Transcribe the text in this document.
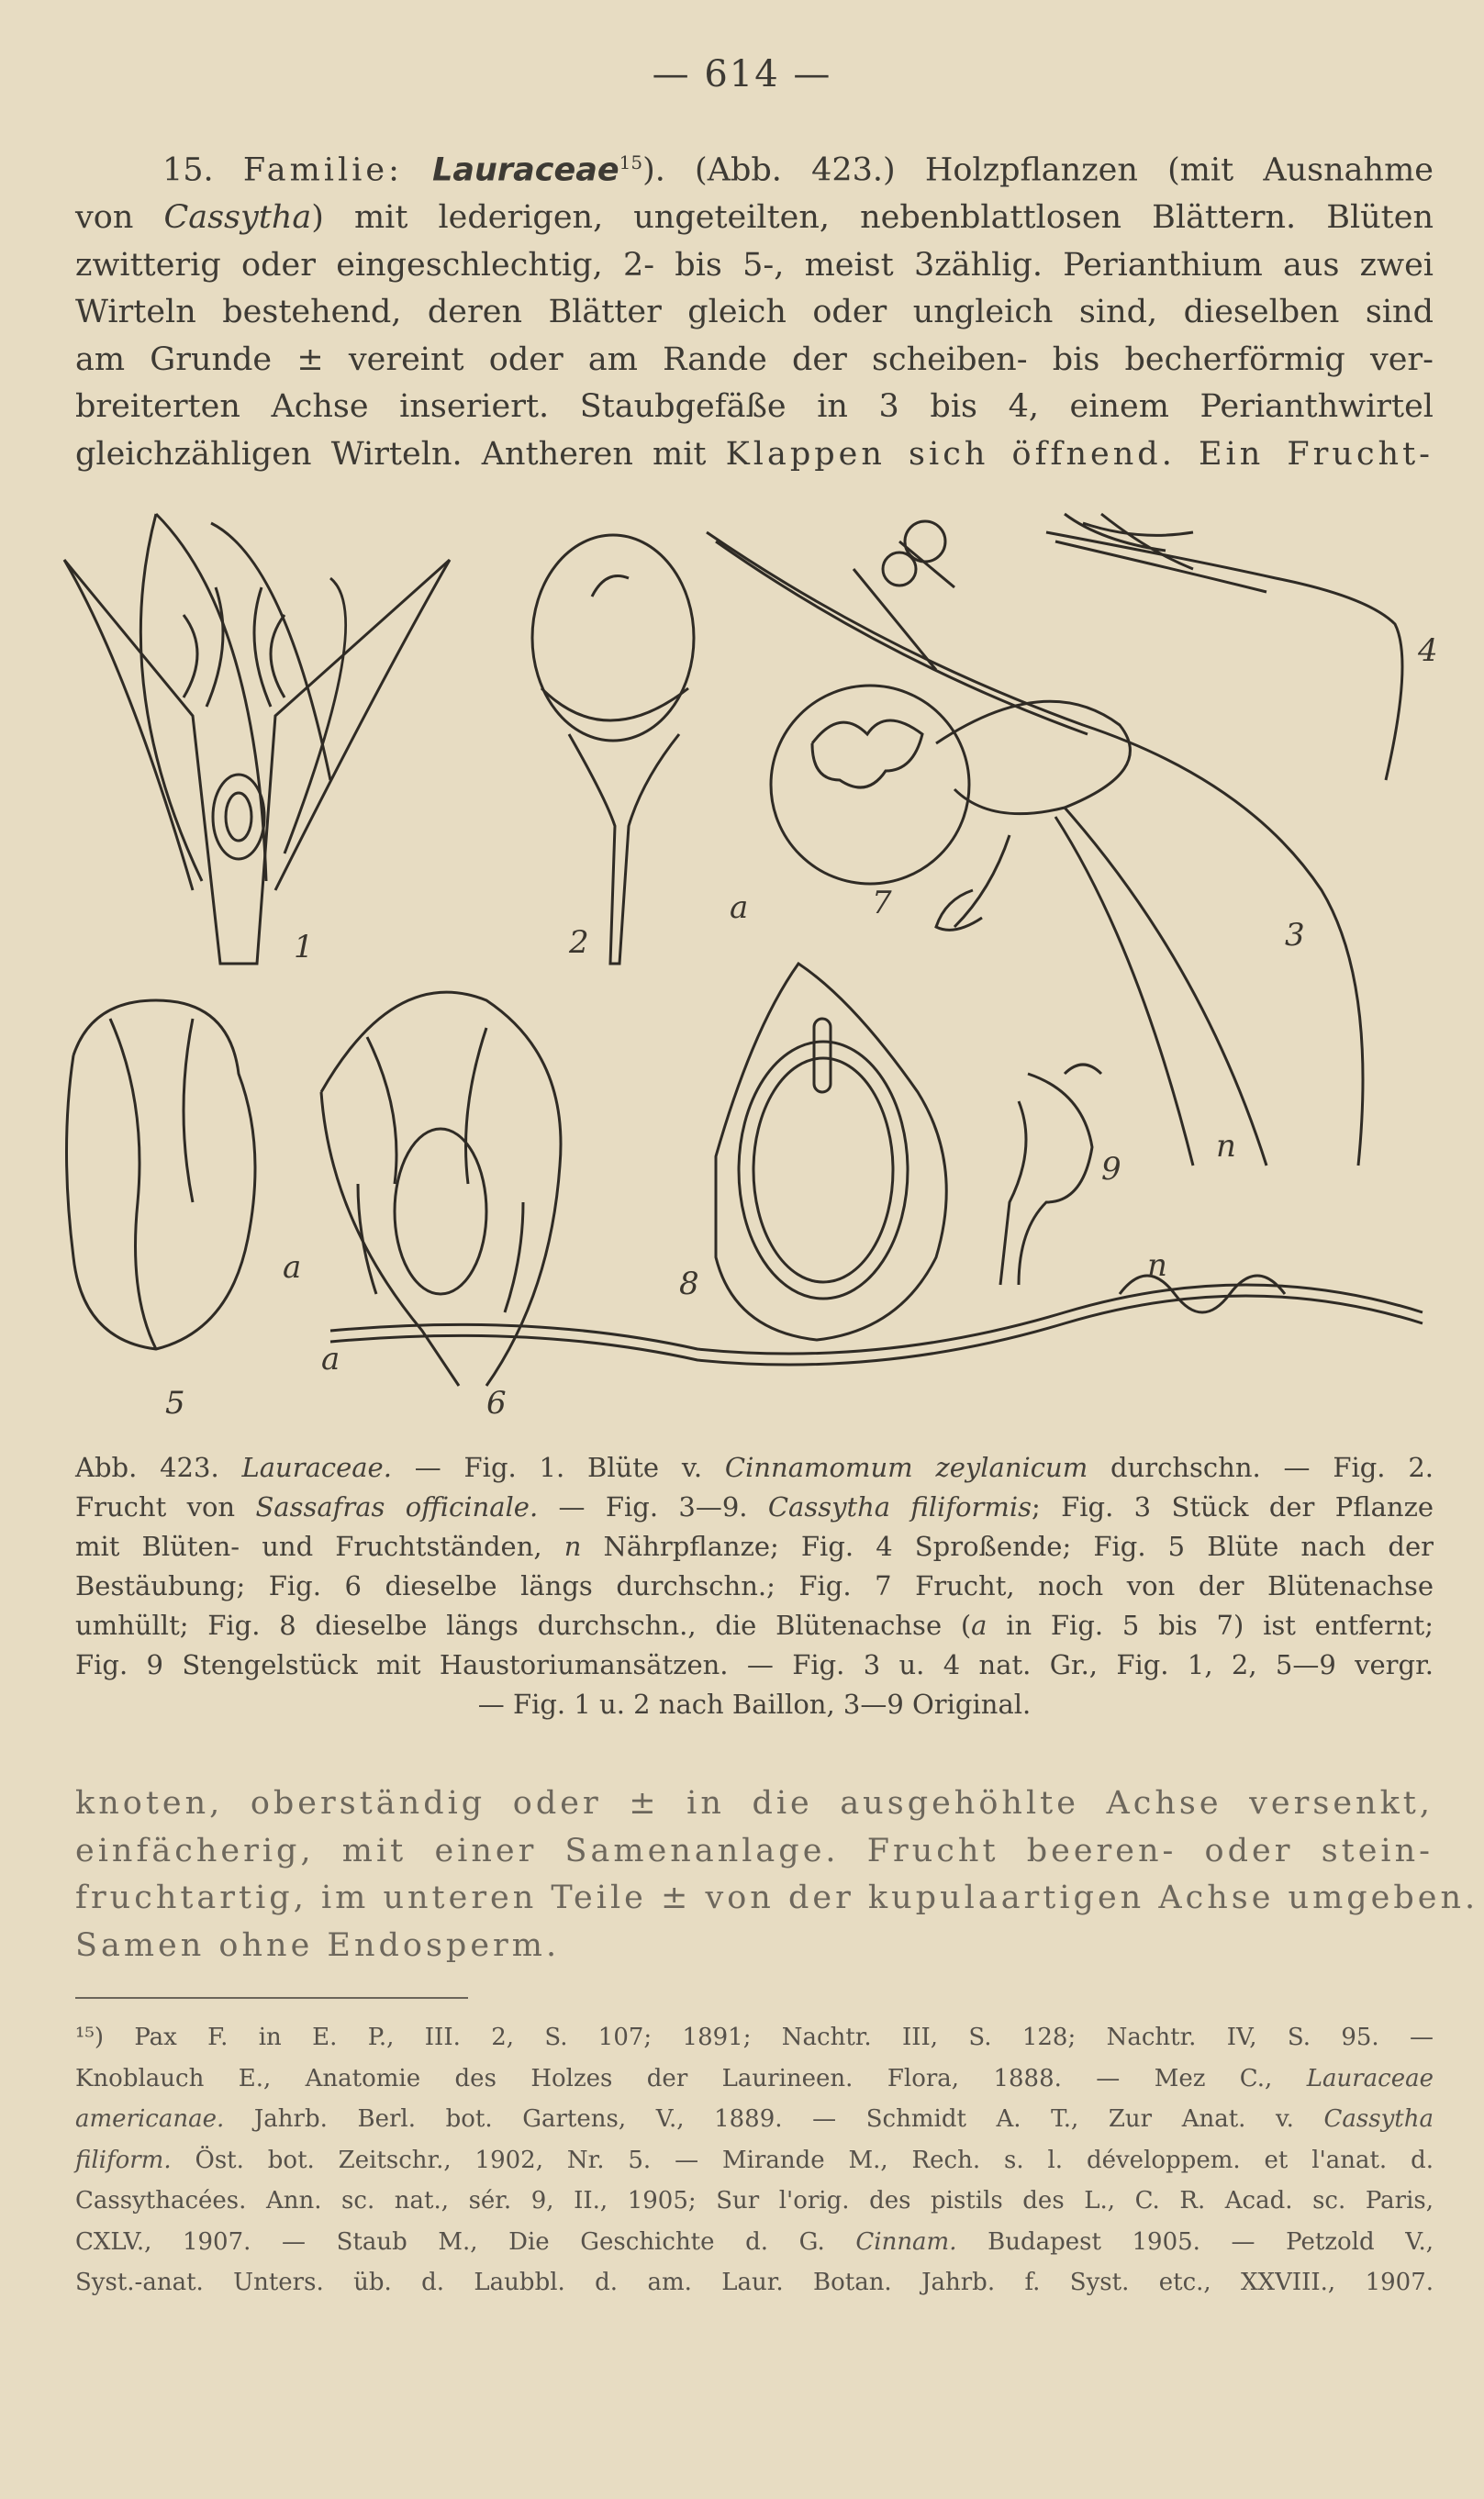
— 614 —
15. Familie: Lauraceae$^{15}$). (Abb. 423.) Holzpflanzen (mit Ausnahme
von Cassytha) mit lederigen, ungeteilten, nebenblattlosen Blättern. Blüten
zwitterig oder eingeschlechtig, 2- bis 5-, meist 3zählig. Perianthium aus zwei
Wirteln bestehend, deren Blätter gleich oder ungleich sind, dieselben sind
am Grunde ± vereint oder am Rande der scheiben- bis becherförmig ver-
breiterten Achse inseriert. Staubgefäße in 3 bis 4, einem Perianthwirtel
gleichzähligen Wirteln. Antheren mit Klappen sich öffnend. Ein Frucht-
1	2	3
4
5	6
7
8
9
a
a
a
n
n
Abb. 423. Lauraceae. — Fig. 1. Blüte v. Cinnamomum zeylanicum durchschn. — Fig. 2.
Frucht von Sassafras officinale. — Fig. 3—9. Cassytha filiformis; Fig. 3 Stück der Pflanze
mit Blüten- und Fruchtständen, n Nährpflanze; Fig. 4 Sproßende; Fig. 5 Blüte nach der
Bestäubung; Fig. 6 dieselbe längs durchschn.; Fig. 7 Frucht, noch von der Blütenachse
umhüllt; Fig. 8 dieselbe längs durchschn., die Blütenachse (a in Fig. 5 bis 7) ist entfernt;
Fig. 9 Stengelstück mit Haustoriumansätzen. — Fig. 3 u. 4 nat. Gr., Fig. 1, 2, 5—9 vergr.
— Fig. 1 u. 2 nach Baillon, 3—9 Original.
knoten, oberständig oder ± in die ausgehöhlte Achse versenkt,
einfächerig, mit einer Samenanlage. Frucht beeren- oder stein-
fruchtartig, im unteren Teile ± von der kupulaartigen Achse umgeben.
Samen ohne Endosperm.
¹⁵) Pax F. in E. P., III. 2, S. 107; 1891; Nachtr. III, S. 128; Nachtr. IV, S. 95. —
Knoblauch E., Anatomie des Holzes der Laurineen. Flora, 1888. — Mez C., Lauraceae
americanae. Jahrb. Berl. bot. Gartens, V., 1889. — Schmidt A. T., Zur Anat. v. Cassytha
filiform. Öst. bot. Zeitschr., 1902, Nr. 5. — Mirande M., Rech. s. l. développem. et l'anat. d.
Cassythacées. Ann. sc. nat., sér. 9, II., 1905; Sur l'orig. des pistils des L., C. R. Acad. sc. Paris,
CXLV., 1907. — Staub M., Die Geschichte d. G. Cinnam. Budapest 1905. — Petzold V.,
Syst.-anat. Unters. üb. d. Laubbl. d. am. Laur. Botan. Jahrb. f. Syst. etc., XXVIII., 1907.
